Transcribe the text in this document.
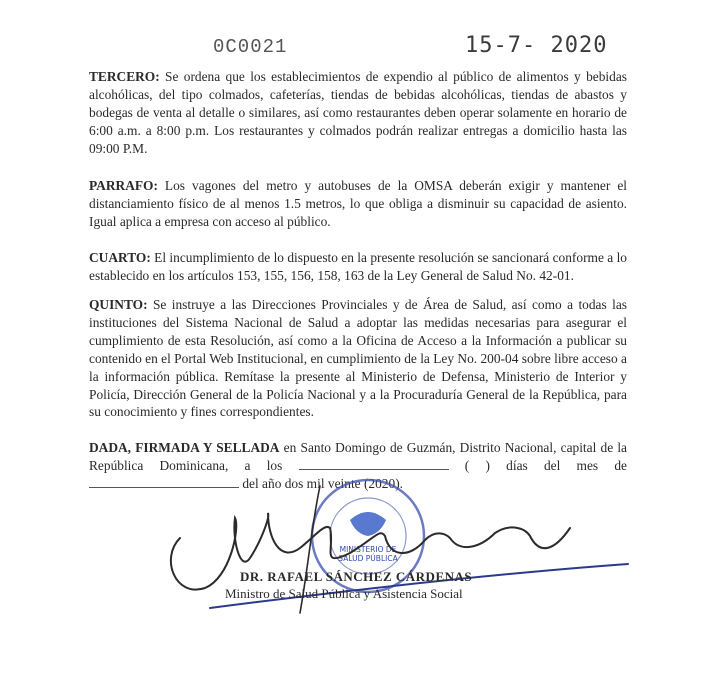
0C0021	15-7- 2020

TERCERO: Se ordena que los establecimientos de expendio al público de alimentos y bebidas alcohólicas, del tipo colmados, cafeterías, tiendas de bebidas alcohólicas, tiendas de abastos y bodegas de venta al detalle o similares, así como restaurantes deben operar solamente en horario de 6:00 a.m. a 8:00 p.m. Los restaurantes y colmados podrán realizar entregas a domicilio hasta las 09:00 P.M.

PARRAFO: Los vagones del metro y autobuses de la OMSA deberán exigir y mantener el distanciamiento físico de al menos 1.5 metros, lo que obliga a disminuir su capacidad de asiento. Igual aplica a empresa con acceso al público.

CUARTO: El incumplimiento de lo dispuesto en la presente resolución se sancionará conforme a lo establecido en los artículos 153, 155, 156, 158, 163 de la Ley General de Salud No. 42-01.

QUINTO: Se instruye a las Direcciones Provinciales y de Área de Salud, así como a todas las instituciones del Sistema Nacional de Salud a adoptar las medidas necesarias para asegurar el cumplimiento de esta Resolución, así como a la Oficina de Acceso a la Información a publicar su contenido en el Portal Web Institucional, en cumplimiento de la Ley No. 200-04 sobre libre acceso a la información pública. Remítase la presente al Ministerio de Defensa, Ministerio de Interior y Policía, Dirección General de la Policía Nacional y a la Procuraduría General de la República, para su conocimiento y fines correspondientes.

DADA, FIRMADA Y SELLADA en Santo Domingo de Guzmán, Distrito Nacional, capital de la República Dominicana, a los	( ) días del mes de  del año dos mil veinte (2020).

MINISTERIO DE
SALUD PÚBLICA
DR. RAFAEL SÁNCHEZ CÁRDENAS
Ministro de Salud Pública y Asistencia Social
